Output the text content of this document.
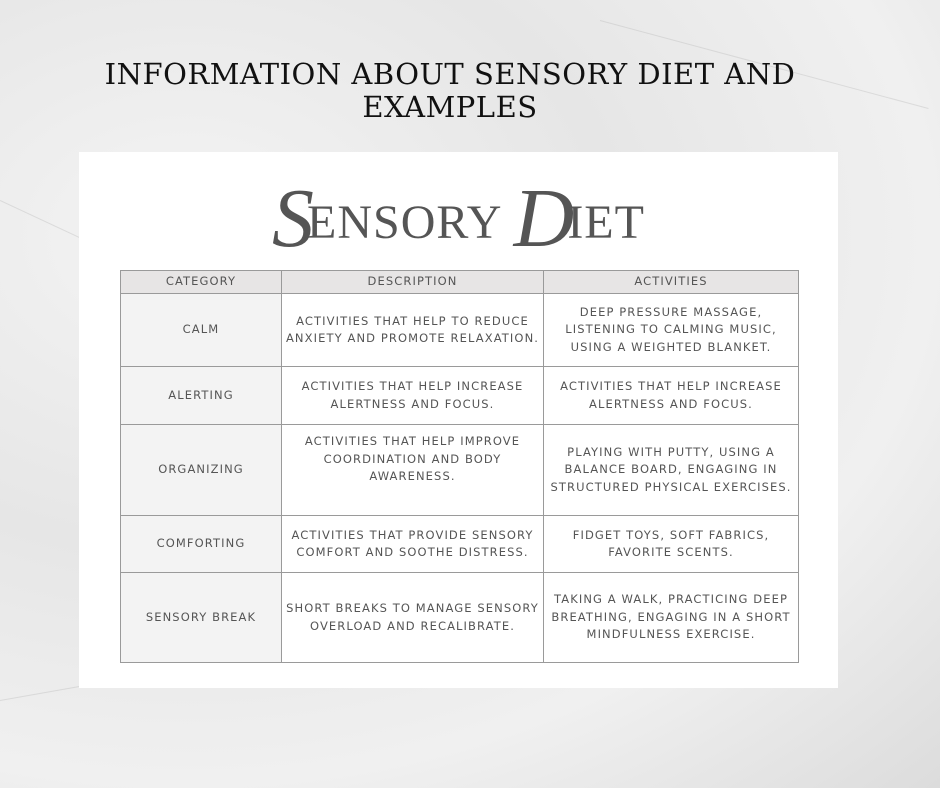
INFORMATION ABOUT SENSORY DIET AND EXAMPLES
SENSORY DIET
CATEGORY	DESCRIPTION	ACTIVITIES
CALM	ACTIVITIES THAT HELP TO REDUCE ANXIETY AND PROMOTE RELAXATION.	DEEP PRESSURE MASSAGE, LISTENING TO CALMING MUSIC, USING A WEIGHTED BLANKET.
ALERTING	ACTIVITIES THAT HELP INCREASE ALERTNESS AND FOCUS.	ACTIVITIES THAT HELP INCREASE ALERTNESS AND FOCUS.
ORGANIZING	ACTIVITIES THAT HELP IMPROVE COORDINATION AND BODY AWARENESS.	PLAYING WITH PUTTY, USING A BALANCE BOARD, ENGAGING IN STRUCTURED PHYSICAL EXERCISES.
COMFORTING	ACTIVITIES THAT PROVIDE SENSORY COMFORT AND SOOTHE DISTRESS.	FIDGET TOYS, SOFT FABRICS, FAVORITE SCENTS.
SENSORY BREAK	SHORT BREAKS TO MANAGE SENSORY OVERLOAD AND RECALIBRATE.	TAKING A WALK, PRACTICING DEEP BREATHING, ENGAGING IN A SHORT MINDFULNESS EXERCISE.
